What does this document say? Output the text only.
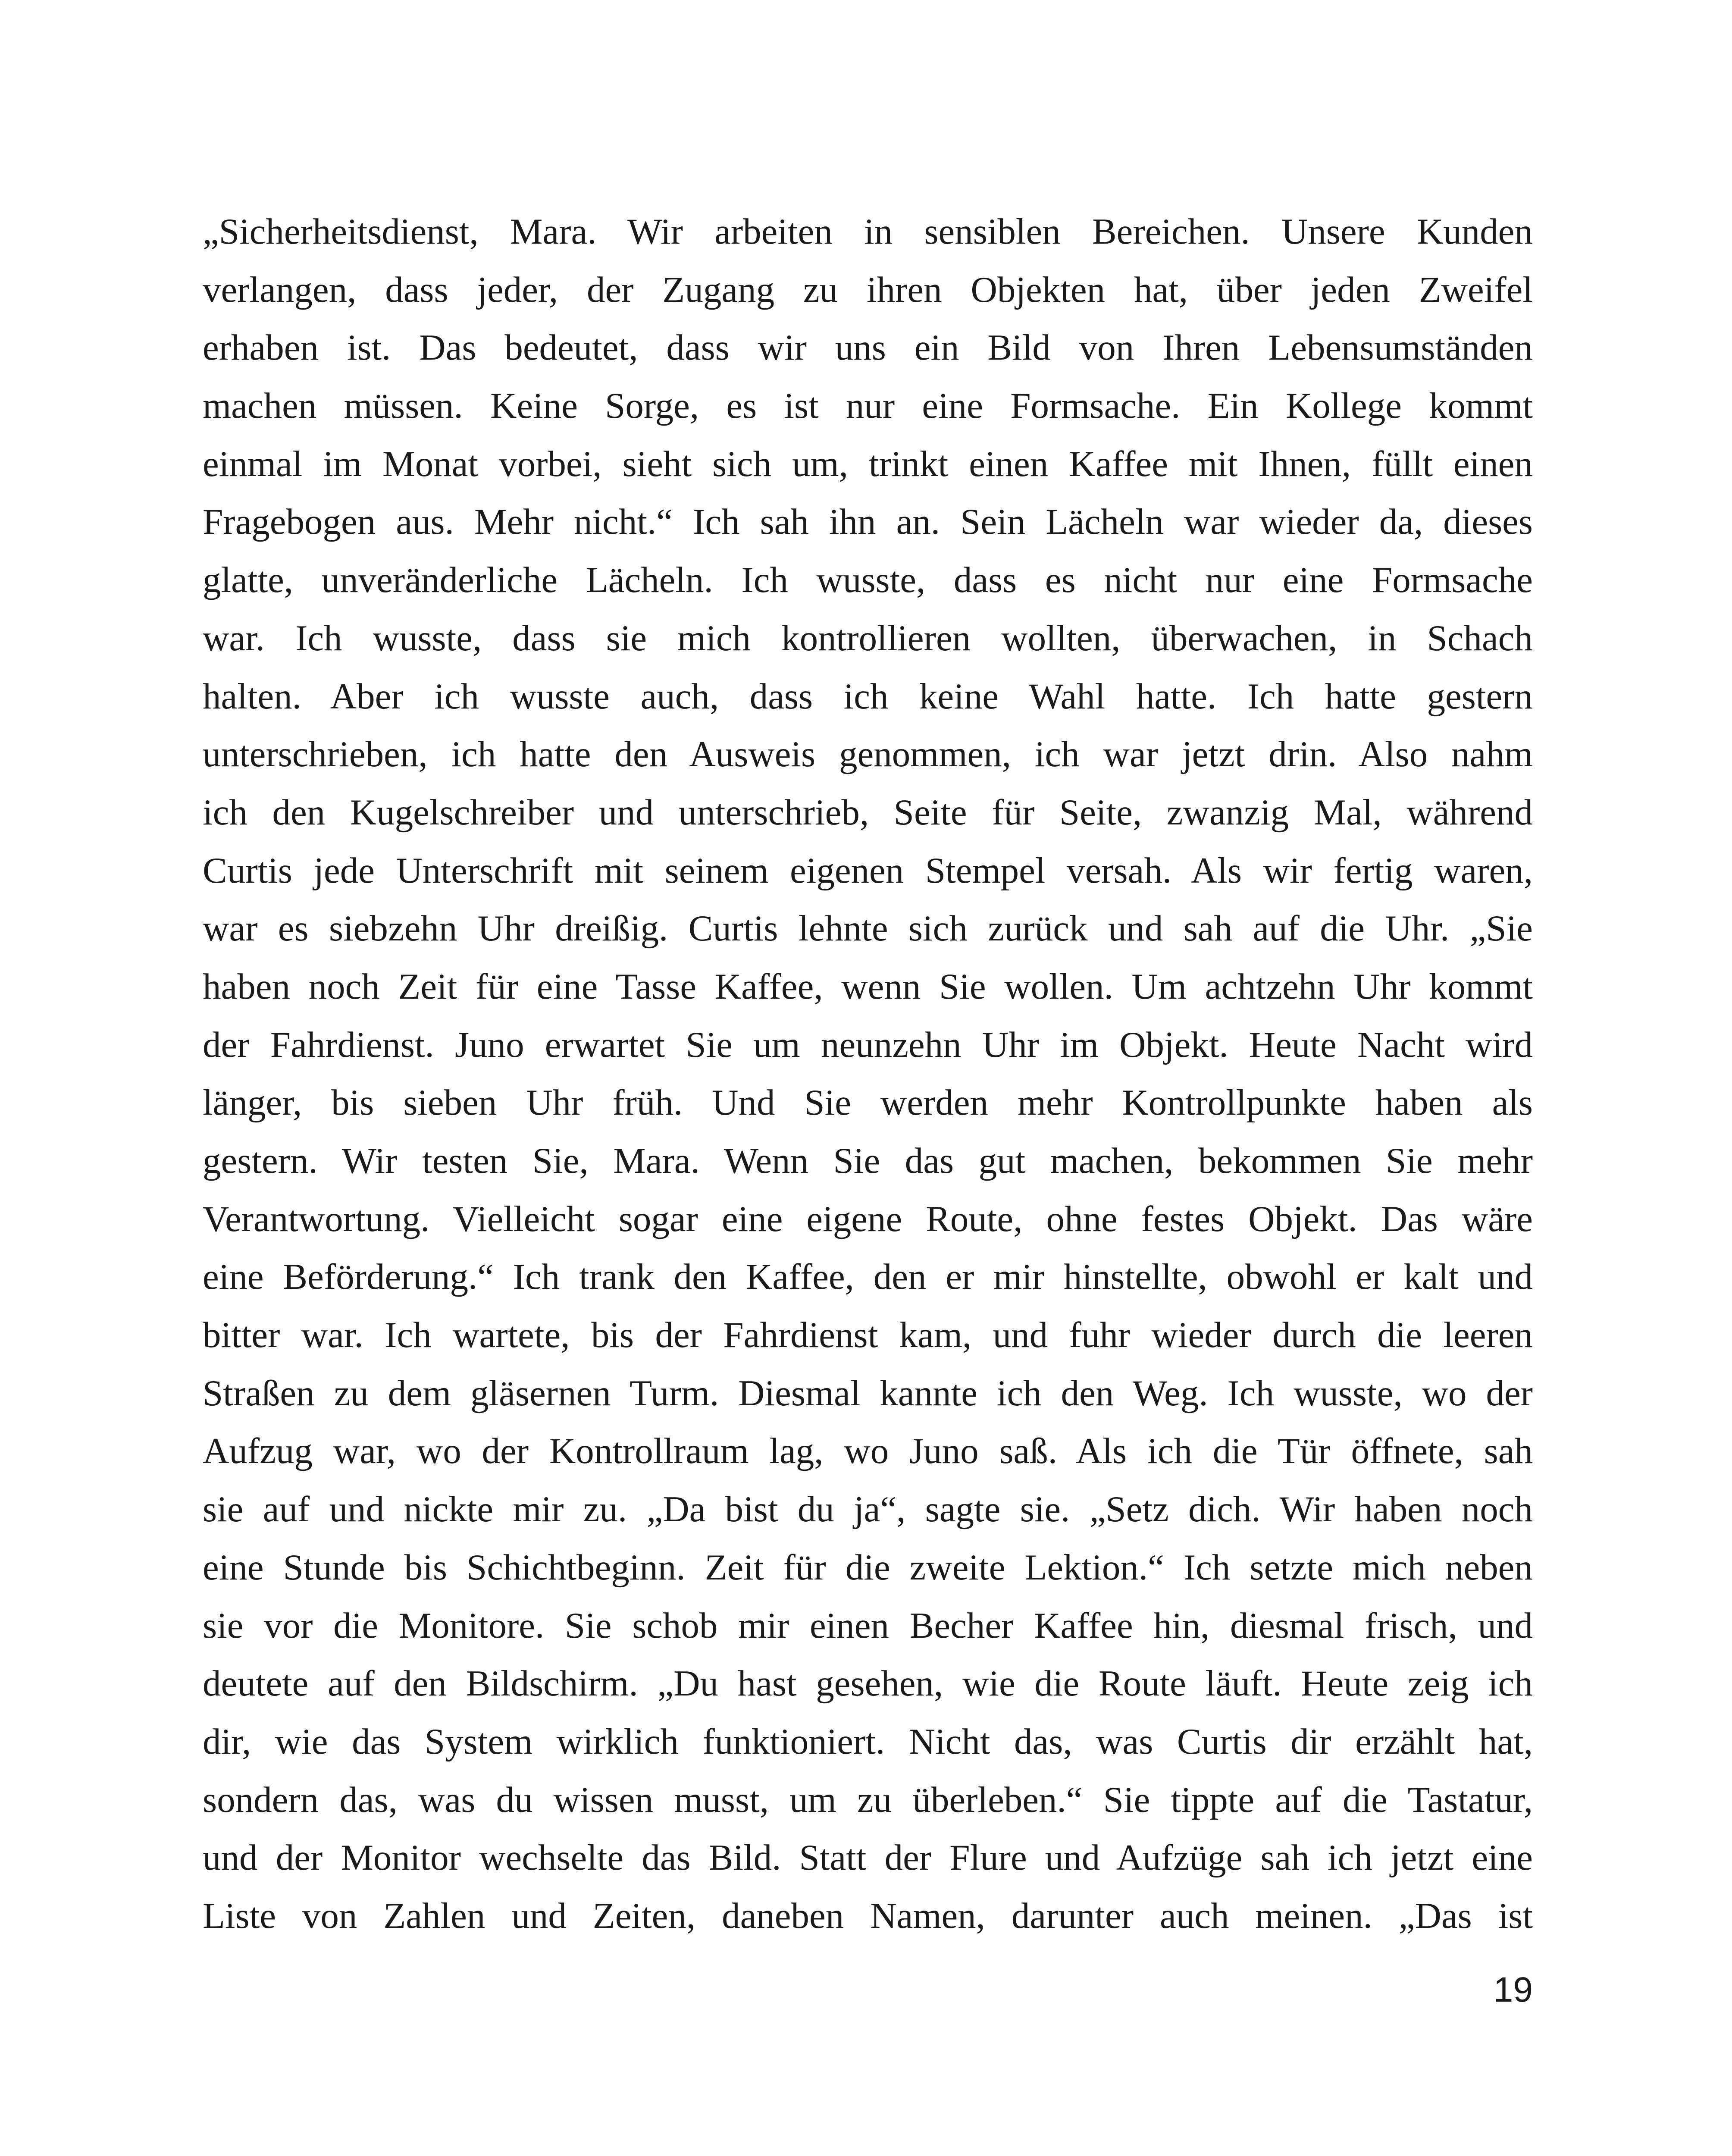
„Sicherheitsdienst, Mara. Wir arbeiten in sensiblen Bereichen. Unsere Kunden
verlangen, dass jeder, der Zugang zu ihren Objekten hat, über jeden Zweifel
erhaben ist. Das bedeutet, dass wir uns ein Bild von Ihren Lebensumständen
machen müssen. Keine Sorge, es ist nur eine Formsache. Ein Kollege kommt
einmal im Monat vorbei, sieht sich um, trinkt einen Kaffee mit Ihnen, füllt einen
Fragebogen aus. Mehr nicht.“ Ich sah ihn an. Sein Lächeln war wieder da, dieses
glatte, unveränderliche Lächeln. Ich wusste, dass es nicht nur eine Formsache
war. Ich wusste, dass sie mich kontrollieren wollten, überwachen, in Schach
halten. Aber ich wusste auch, dass ich keine Wahl hatte. Ich hatte gestern
unterschrieben, ich hatte den Ausweis genommen, ich war jetzt drin. Also nahm
ich den Kugelschreiber und unterschrieb, Seite für Seite, zwanzig Mal, während
Curtis jede Unterschrift mit seinem eigenen Stempel versah. Als wir fertig waren,
war es siebzehn Uhr dreißig. Curtis lehnte sich zurück und sah auf die Uhr. „Sie
haben noch Zeit für eine Tasse Kaffee, wenn Sie wollen. Um achtzehn Uhr kommt
der Fahrdienst. Juno erwartet Sie um neunzehn Uhr im Objekt. Heute Nacht wird
länger, bis sieben Uhr früh. Und Sie werden mehr Kontrollpunkte haben als
gestern. Wir testen Sie, Mara. Wenn Sie das gut machen, bekommen Sie mehr
Verantwortung. Vielleicht sogar eine eigene Route, ohne festes Objekt. Das wäre
eine Beförderung.“ Ich trank den Kaffee, den er mir hinstellte, obwohl er kalt und
bitter war. Ich wartete, bis der Fahrdienst kam, und fuhr wieder durch die leeren
Straßen zu dem gläsernen Turm. Diesmal kannte ich den Weg. Ich wusste, wo der
Aufzug war, wo der Kontrollraum lag, wo Juno saß. Als ich die Tür öffnete, sah
sie auf und nickte mir zu. „Da bist du ja“, sagte sie. „Setz dich. Wir haben noch
eine Stunde bis Schichtbeginn. Zeit für die zweite Lektion.“ Ich setzte mich neben
sie vor die Monitore. Sie schob mir einen Becher Kaffee hin, diesmal frisch, und
deutete auf den Bildschirm. „Du hast gesehen, wie die Route läuft. Heute zeig ich
dir, wie das System wirklich funktioniert. Nicht das, was Curtis dir erzählt hat,
sondern das, was du wissen musst, um zu überleben.“ Sie tippte auf die Tastatur,
und der Monitor wechselte das Bild. Statt der Flure und Aufzüge sah ich jetzt eine
Liste von Zahlen und Zeiten, daneben Namen, darunter auch meinen. „Das ist
19
